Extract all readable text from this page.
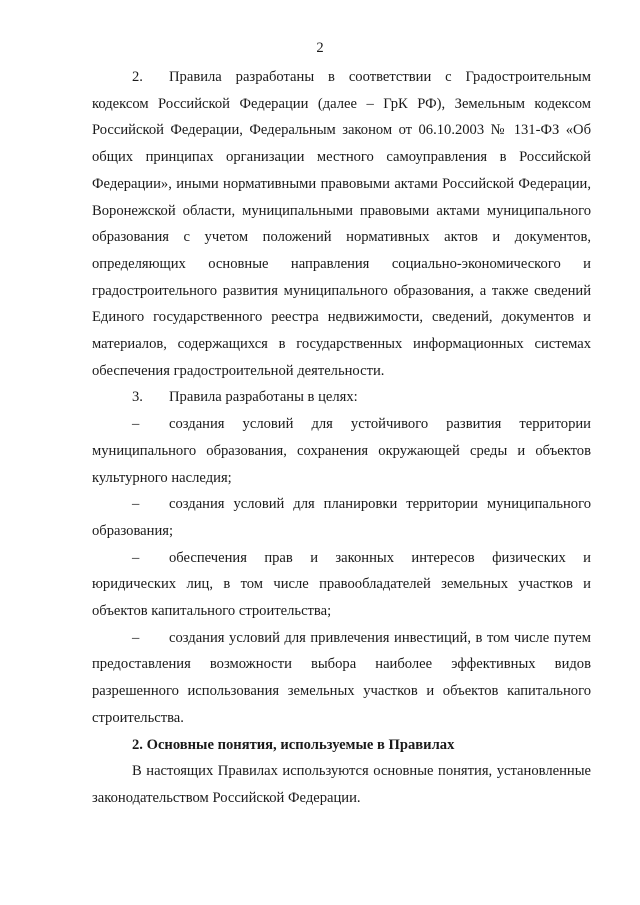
2

2. Правила разработаны в соответствии с Градостроительным кодексом Российской Федерации (далее – ГрК РФ), Земельным кодексом Российской Федерации, Федеральным законом от 06.10.2003 № 131-ФЗ «Об общих принципах организации местного самоуправления в Российской Федерации», иными нормативными правовыми актами Российской Федерации, Воронежской области, муниципальными правовыми актами муниципального образования с учетом положений нормативных актов и документов, определяющих основные направления социально-экономического и градостроительного развития муниципального образования, а также сведений Единого государственного реестра недвижимости, сведений, документов и материалов, содержащихся в государственных информационных системах обеспечения градостроительной деятельности.

3. Правила разработаны в целях:

– создания условий для устойчивого развития территории муниципального образования, сохранения окружающей среды и объектов культурного наследия;

– создания условий для планировки территории муниципального образования;

– обеспечения прав и законных интересов физических и юридических лиц, в том числе правообладателей земельных участков и объектов капитального строительства;

– создания условий для привлечения инвестиций, в том числе путем предоставления возможности выбора наиболее эффективных видов разрешенного использования земельных участков и объектов капитального строительства.

2. Основные понятия, используемые в Правилах

В настоящих Правилах используются основные понятия, установленные законодательством Российской Федерации.
